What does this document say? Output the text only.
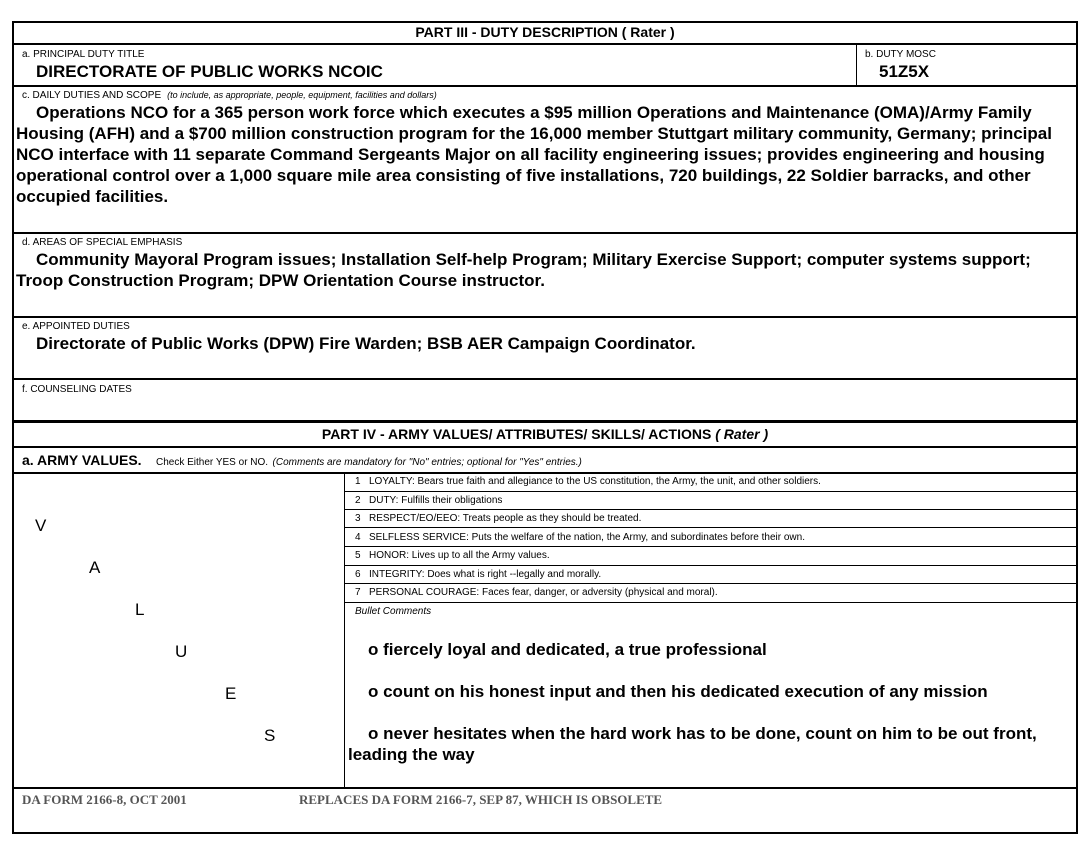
PART III - DUTY DESCRIPTION ( Rater )
a. PRINCIPAL DUTY TITLE
DIRECTORATE OF PUBLIC WORKS NCOIC
b. DUTY MOSC
51Z5X
c. DAILY DUTIES AND SCOPE (to include, as appropriate, people, equipment, facilities and dollars)

Operations NCO for a 365 person work force which executes a $95 million Operations and Maintenance (OMA)/Army Family Housing (AFH) and a $700 million construction program for the 16,000 member Stuttgart military community, Germany; principal NCO interface with 11 separate Command Sergeants Major on all facility engineering issues; provides engineering and housing operational control over a 1,000 square mile area consisting of five installations, 720 buildings, 22 Soldier barracks, and other occupied facilities.

d. AREAS OF SPECIAL EMPHASIS

Community Mayoral Program issues; Installation Self-help Program; Military Exercise Support; computer systems support; Troop Construction Program; DPW Orientation Course instructor.

e. APPOINTED DUTIES

Directorate of Public Works (DPW) Fire Warden; BSB AER Campaign Coordinator.

f. COUNSELING DATES
PART IV - ARMY VALUES/ ATTRIBUTES/ SKILLS/ ACTIONS ( Rater )
a. ARMY VALUES. Check Either YES or NO. (Comments are mandatory for "No" entries; optional for "Yes" entries.)
V
A
L
U
E
S
1 LOYALTY: Bears true faith and allegiance to the US constitution, the Army, the unit, and other soldiers.
2 DUTY: Fulfills their obligations
3 RESPECT/EO/EEO: Treats people as they should be treated.
4 SELFLESS SERVICE: Puts the welfare of the nation, the Army, and subordinates before their own.
5 HONOR: Lives up to all the Army values.
6 INTEGRITY: Does what is right --legally and morally.
7 PERSONAL COURAGE: Faces fear, danger, or adversity (physical and moral).
Bullet Comments

o fiercely loyal and dedicated, a true professional

o count on his honest input and then his dedicated execution of any mission

o never hesitates when the hard work has to be done, count on him to be out front, leading the way

DA FORM 2166-8, OCT 2001	REPLACES DA FORM 2166-7, SEP 87, WHICH IS OBSOLETE
